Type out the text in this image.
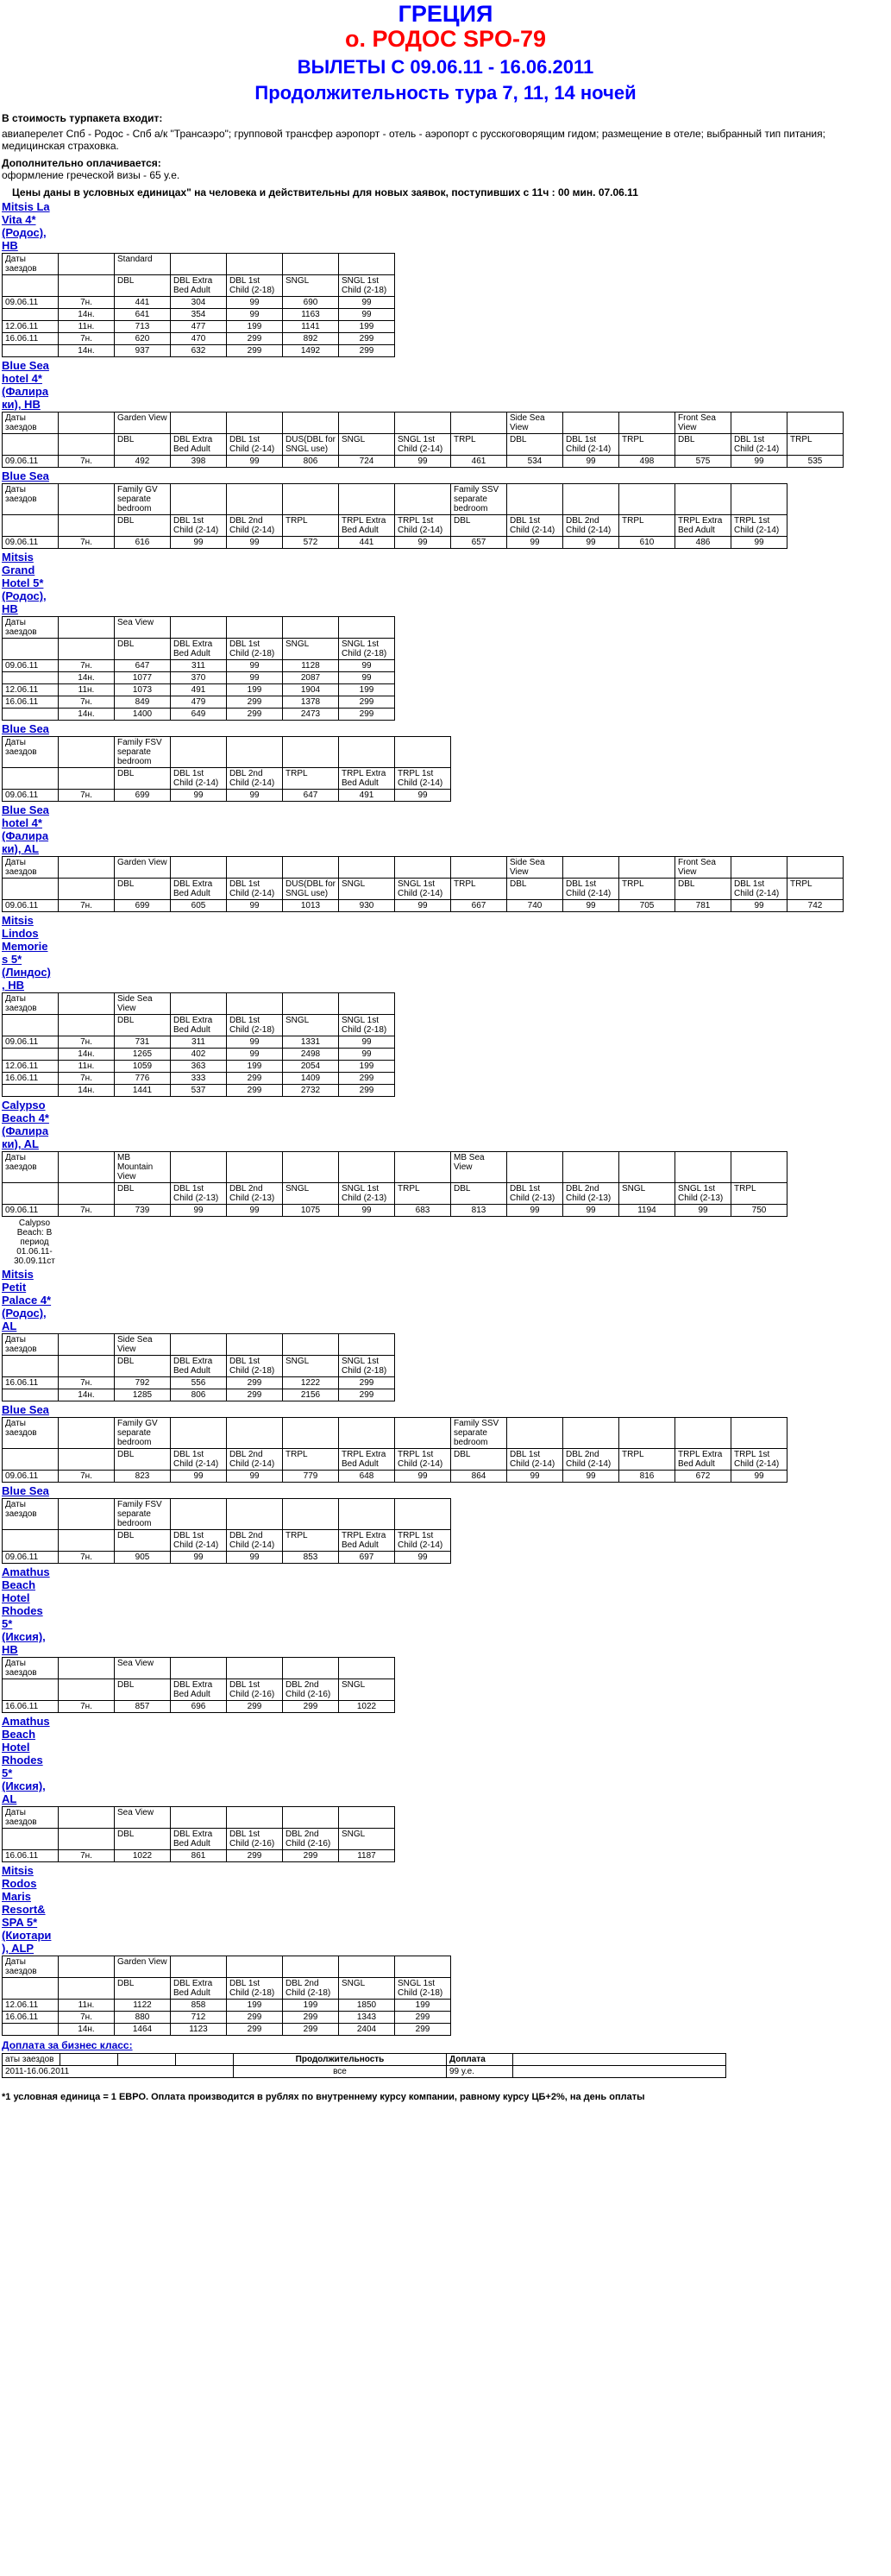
ГРЕЦИЯ
о. РОДОС SPO-79
ВЫЛЕТЫ С 09.06.11 - 16.06.2011
Продолжительность тура 7, 11, 14 ночей

В стоимость турпакета входит:

авиаперелет Спб - Родос - Спб а/к "Трансаэро"; групповой трансфер аэропорт - отель - аэропорт с русскоговорящим гидом; размещение в отеле; выбранный тип питания; медицинская страховка.

Дополнительно оплачивается:

оформление греческой визы - 65 у.е.

Цены даны в условных единицах" на человека и действительны для новых заявок, поступивших с 11ч : 00 мин. 07.06.11
Mitsis La Vita 4* (Родос), HB
Даты заездов		Standard				
		DBL	DBL Extra Bed Adult	DBL 1st Child (2-18)	SNGL	SNGL 1st Child (2-18)
09.06.11	7н.	441	304	99	690	99
	14н.	641	354	99	1163	99
12.06.11	11н.	713	477	199	1141	199
16.06.11	7н.	620	470	299	892	299
	14н.	937	632	299	1492	299
Blue Sea hotel 4* (Фалираки), HB
Даты заездов		Garden View							Side Sea View			Front Sea View		
		DBL	DBL Extra Bed Adult	DBL 1st Child (2-14)	DUS(DBL for SNGL use)	SNGL	SNGL 1st Child (2-14)	TRPL	DBL	DBL 1st Child (2-14)	TRPL	DBL	DBL 1st Child (2-14)	TRPL
09.06.11	7н.	492	398	99	806	724	99	461	534	99	498	575	99	535
Blue Sea
Даты заездов		Family GV separate bedroom						Family SSV separate bedroom					
		DBL	DBL 1st Child (2-14)	DBL 2nd Child (2-14)	TRPL	TRPL Extra Bed Adult	TRPL 1st Child (2-14)	DBL	DBL 1st Child (2-14)	DBL 2nd Child (2-14)	TRPL	TRPL Extra Bed Adult	TRPL 1st Child (2-14)
09.06.11	7н.	616	99	99	572	441	99	657	99	99	610	486	99
Mitsis Grand Hotel 5* (Родос), HB
Даты заездов		Sea View				
		DBL	DBL Extra Bed Adult	DBL 1st Child (2-18)	SNGL	SNGL 1st Child (2-18)
09.06.11	7н.	647	311	99	1128	99
	14н.	1077	370	99	2087	99
12.06.11	11н.	1073	491	199	1904	199
16.06.11	7н.	849	479	299	1378	299
	14н.	1400	649	299	2473	299
Blue Sea
Даты заездов		Family FSV separate bedroom					
		DBL	DBL 1st Child (2-14)	DBL 2nd Child (2-14)	TRPL	TRPL Extra Bed Adult	TRPL 1st Child (2-14)
09.06.11	7н.	699	99	99	647	491	99
Blue Sea hotel 4* (Фалираки), AL
Даты заездов		Garden View							Side Sea View			Front Sea View		
		DBL	DBL Extra Bed Adult	DBL 1st Child (2-14)	DUS(DBL for SNGL use)	SNGL	SNGL 1st Child (2-14)	TRPL	DBL	DBL 1st Child (2-14)	TRPL	DBL	DBL 1st Child (2-14)	TRPL
09.06.11	7н.	699	605	99	1013	930	99	667	740	99	705	781	99	742
Mitsis Lindos Memories 5* (Линдос), HB
Даты заездов		Side Sea View				
		DBL	DBL Extra Bed Adult	DBL 1st Child (2-18)	SNGL	SNGL 1st Child (2-18)
09.06.11	7н.	731	311	99	1331	99
	14н.	1265	402	99	2498	99
12.06.11	11н.	1059	363	199	2054	199
16.06.11	7н.	776	333	299	1409	299
	14н.	1441	537	299	2732	299
Calypso Beach 4* (Фалираки), AL
Даты заездов		MB Mountain View						MB Sea View					
		DBL	DBL 1st Child (2-13)	DBL 2nd Child (2-13)	SNGL	SNGL 1st Child (2-13)	TRPL	DBL	DBL 1st Child (2-13)	DBL 2nd Child (2-13)	SNGL	SNGL 1st Child (2-13)	TRPL
09.06.11	7н.	739	99	99	1075	99	683	813	99	99	1194	99	750
Calypso Beach: В период 01.06.11-30.09.11ст
Mitsis Petit Palace 4* (Родос), AL
Даты заездов		Side Sea View				
		DBL	DBL Extra Bed Adult	DBL 1st Child (2-18)	SNGL	SNGL 1st Child (2-18)
16.06.11	7н.	792	556	299	1222	299
	14н.	1285	806	299	2156	299
Blue Sea
Даты заездов		Family GV separate bedroom						Family SSV separate bedroom					
		DBL	DBL 1st Child (2-14)	DBL 2nd Child (2-14)	TRPL	TRPL Extra Bed Adult	TRPL 1st Child (2-14)	DBL	DBL 1st Child (2-14)	DBL 2nd Child (2-14)	TRPL	TRPL Extra Bed Adult	TRPL 1st Child (2-14)
09.06.11	7н.	823	99	99	779	648	99	864	99	99	816	672	99
Blue Sea
Даты заездов		Family FSV separate bedroom					
		DBL	DBL 1st Child (2-14)	DBL 2nd Child (2-14)	TRPL	TRPL Extra Bed Adult	TRPL 1st Child (2-14)
09.06.11	7н.	905	99	99	853	697	99
Amathus Beach Hotel Rhodes 5* (Иксия), HB
Даты заездов		Sea View				
		DBL	DBL Extra Bed Adult	DBL 1st Child (2-16)	DBL 2nd Child (2-16)	SNGL
16.06.11	7н.	857	696	299	299	1022
Amathus Beach Hotel Rhodes 5* (Иксия), AL
Даты заездов		Sea View				
		DBL	DBL Extra Bed Adult	DBL 1st Child (2-16)	DBL 2nd Child (2-16)	SNGL
16.06.11	7н.	1022	861	299	299	1187
Mitsis Rodos Maris Resort&SPA 5* (Киотари), ALP
Даты заездов		Garden View					
		DBL	DBL Extra Bed Adult	DBL 1st Child (2-18)	DBL 2nd Child (2-18)	SNGL	SNGL 1st Child (2-18)
12.06.11	11н.	1122	858	199	199	1850	199
16.06.11	7н.	880	712	299	299	1343	299
	14н.	1464	1123	299	299	2404	299
Доплата за бизнес класс:
аты заездов				Продолжительность	Доплата	
2011-16.06.2011				все	99 у.е.	
*1 условная единица = 1 ЕВРО. Оплата производится в рублях по внутреннему курсу компании, равному курсу ЦБ+2%, на день оплаты
